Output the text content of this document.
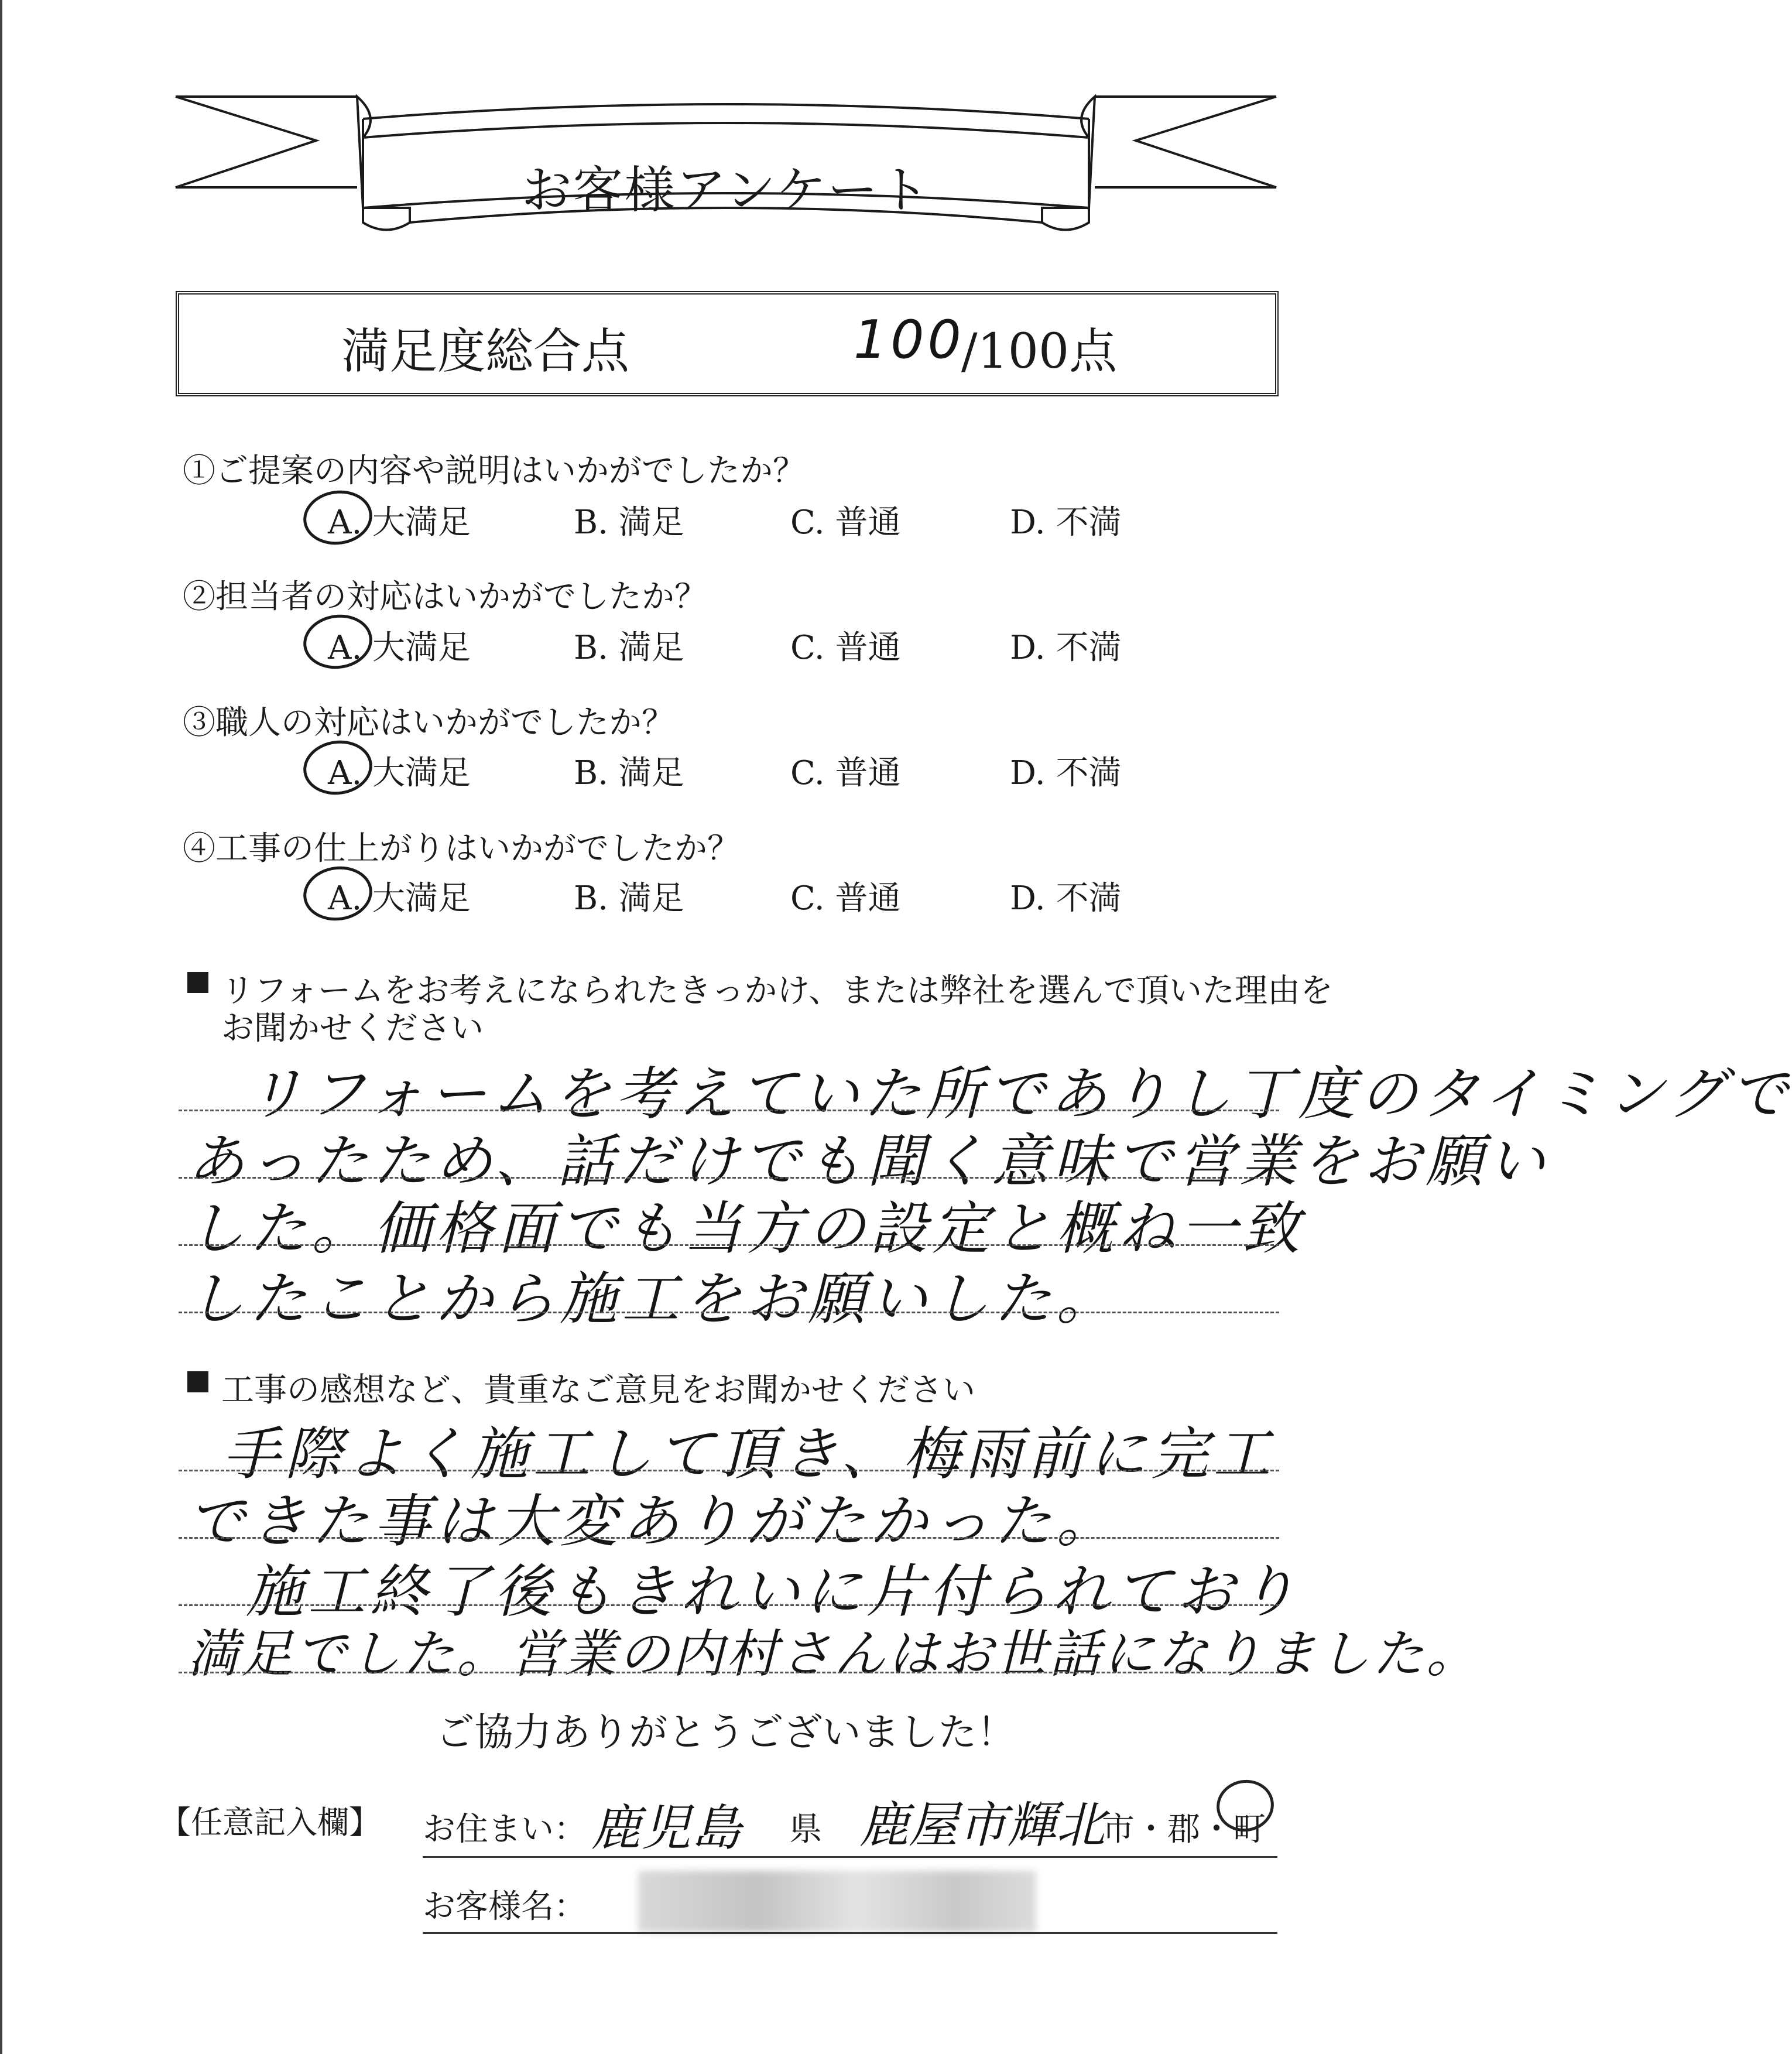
お客様アンケート
満足度総合点	100
/100点
①ご提案の内容や説明はいかがでしたか？
A. 大満足	B. 満足	C. 普通	D. 不満
②担当者の対応はいかがでしたか？
A. 大満足	B. 満足	C. 普通	D. 不満
③職人の対応はいかがでしたか？
A. 大満足	B. 満足	C. 普通	D. 不満
④工事の仕上がりはいかがでしたか？
A. 大満足	B. 満足	C. 普通	D. 不満
リフォームをお考えになられたきっかけ、または弊社を選んで頂いた理由を
お聞かせください
リフォームを考えていた所でありし丁度のタイミングで
あったため、話だけでも聞く意味で営業をお願い
した。価格面でも当方の設定と概ね一致
したことから施工をお願いした。
工事の感想など、貴重なご意見をお聞かせください
手際よく施工して頂き、梅雨前に完工
できた事は大変ありがたかった。
施工終了後もきれいに片付られており
満足でした。営業の内村さんはお世話になりました。
ご協力ありがとうございました！
【任意記入欄】 お住まい： 鹿児島 県 鹿屋市輝北
市・郡・町
お客様名：
